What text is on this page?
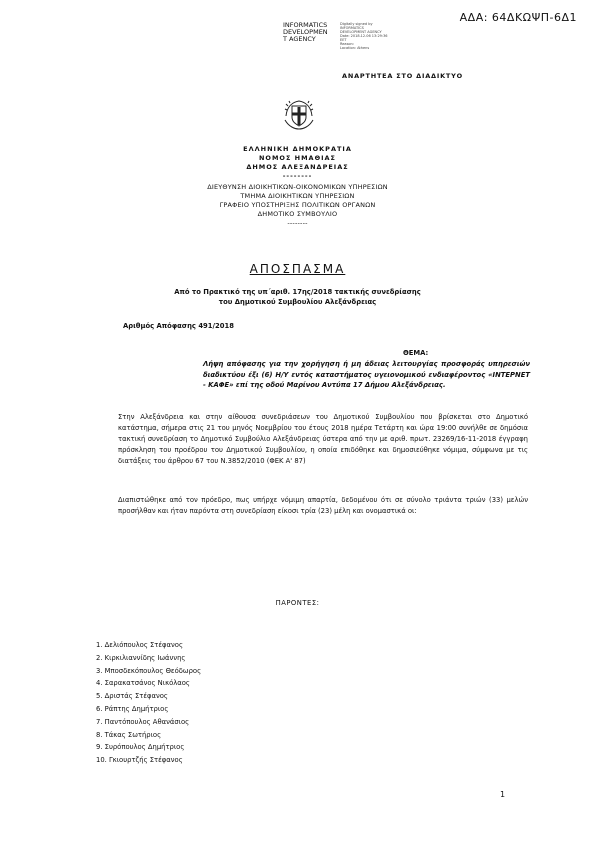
ΑΔΑ: 64ΔΚΩΨΠ-6Δ1
INFORMATICS
DEVELOPMEN
T AGENCY
Digitally signed by
INFORMATICS
DEVELOPMENT AGENCY
Date: 2018.12.06 13:29:36
EET
Reason:
Location: Athens
ΑΝΑΡΤΗΤΕΑ ΣΤΟ ΔΙΑΔΙΚΤΥΟ
ΕΛΛΗΝΙΚΗ ΔΗΜΟΚΡΑΤΙΑ
ΝΟΜΟΣ ΗΜΑΘΙΑΣ
ΔΗΜΟΣ ΑΛΕΞΑΝΔΡΕΙΑΣ
--------
ΔΙΕΥΘΥΝΣΗ ΔΙΟΙΚΗΤΙΚΩΝ-ΟΙΚΟΝΟΜΙΚΩΝ ΥΠΗΡΕΣΙΩΝ
ΤΜΗΜΑ ΔΙΟΙΚΗΤΙΚΩΝ ΥΠΗΡΕΣΙΩΝ
ΓΡΑΦΕΙΟ ΥΠΟΣΤΗΡΙΞΗΣ ΠΟΛΙΤΙΚΩΝ ΟΡΓΑΝΩΝ
ΔΗΜΟΤΙΚΟ ΣΥΜΒΟΥΛΙΟ
--------
ΑΠΟΣΠΑΣΜΑ
Από το Πρακτικό της υπ΄αριθ. 17ης/2018 τακτικής συνεδρίασης
του Δημοτικού Συμβουλίου Αλεξάνδρειας
Αριθμός Απόφασης 491/2018
ΘΕΜΑ:
Λήψη απόφασης για την χορήγηση ή μη άδειας λειτουργίας προσφοράς υπηρεσιών διαδικτύου έξι (6) Η/Υ εντός καταστήματος υγειονομικού ενδιαφέροντος «ΙΝΤΕΡΝΕΤ - ΚΑΦΕ» επί της οδού Μαρίνου Αντύπα 17 Δήμου Αλεξάνδρειας.
Στην Αλεξάνδρεια και στην αίθουσα συνεδριάσεων του Δημοτικού Συμβουλίου που βρίσκεται στο Δημοτικό κατάστημα, σήμερα στις 21 του μηνός Νοεμβρίου του έτους 2018 ημέρα Τετάρτη και ώρα 19:00 συνήλθε σε δημόσια τακτική συνεδρίαση το Δημοτικό Συμβούλιο Αλεξάνδρειας ύστερα από την με αριθ. πρωτ. 23269/16-11-2018 έγγραφη πρόσκληση του προέδρου του Δημοτικού Συμβουλίου, η οποία επιδόθηκε και δημοσιεύθηκε νόμιμα, σύμφωνα με τις διατάξεις του άρθρου 67 του Ν.3852/2010 (ΦΕΚ Α' 87)
Διαπιστώθηκε από τον πρόεδρο, πως υπήρχε νόμιμη απαρτία, δεδομένου ότι σε σύνολο τριάντα τριών (33) μελών προσήλθαν και ήταν παρόντα στη συνεδρίαση είκοσι τρία (23) μέλη και ονομαστικά οι:
ΠΑΡΟΝΤΕΣ:
1. Δελιόπουλος Στέφανος
2. Κιρκιλιαννίδης Ιωάννης
3. Μποσδεκόπουλος Θεόδωρος
4. Σαρακατσάνος Νικόλαος
5. Δριστάς Στέφανος
6. Ράπτης Δημήτριος
7. Παντόπουλος Αθανάσιος
8. Τάκας Σωτήριος
9. Συρόπουλος Δημήτριος
10. Γκιουρτζής Στέφανος
1
